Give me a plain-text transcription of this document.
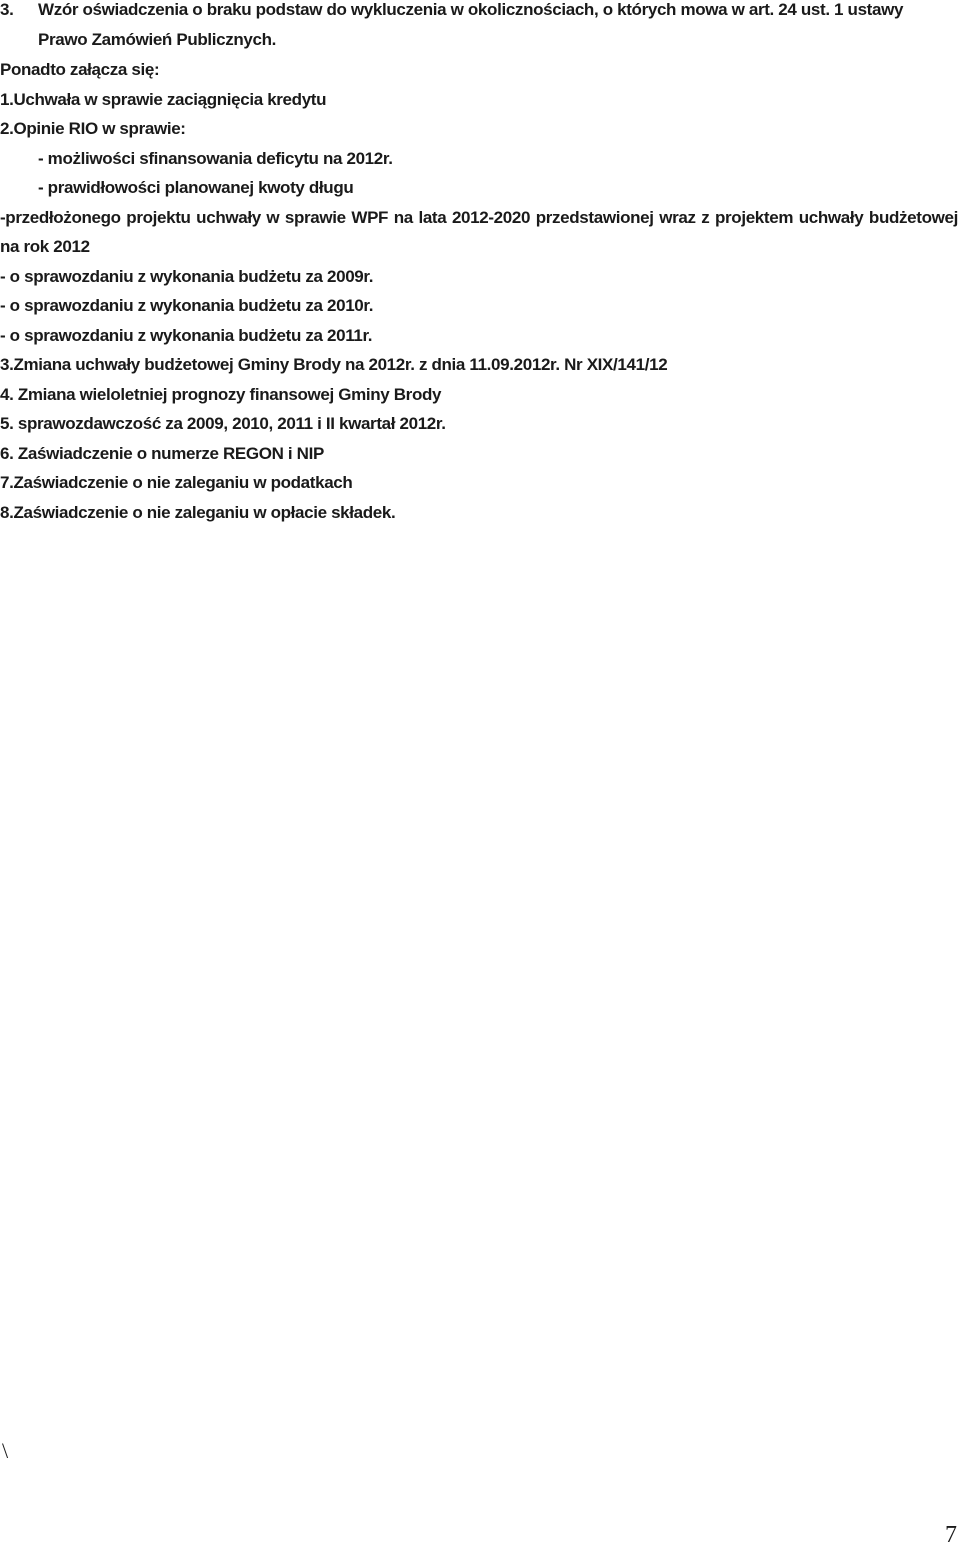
3. Wzór oświadczenia o braku podstaw do wykluczenia w okolicznościach, o których mowa w art. 24 ust. 1 ustawy Prawo Zamówień Publicznych.
Ponadto załącza się:
1.Uchwała w sprawie zaciągnięcia kredytu
2.Opinie RIO w sprawie:
- możliwości sfinansowania deficytu na 2012r.
- prawidłowości planowanej kwoty długu
-przedłożonego projektu uchwały w sprawie WPF na lata 2012-2020 przedstawionej wraz z projektem uchwały budżetowej na rok 2012
- o sprawozdaniu z wykonania budżetu za 2009r.
- o sprawozdaniu z wykonania budżetu za 2010r.
- o sprawozdaniu z wykonania budżetu za 2011r.
3.Zmiana uchwały budżetowej Gminy Brody na 2012r. z dnia 11.09.2012r. Nr XIX/141/12
4. Zmiana wieloletniej prognozy finansowej Gminy Brody
5. sprawozdawczość za 2009, 2010, 2011 i II kwartał 2012r.
6. Zaświadczenie o numerze REGON i NIP
7.Zaświadczenie o nie zaleganiu w podatkach
8.Zaświadczenie o nie zaleganiu w opłacie składek.
\
7
